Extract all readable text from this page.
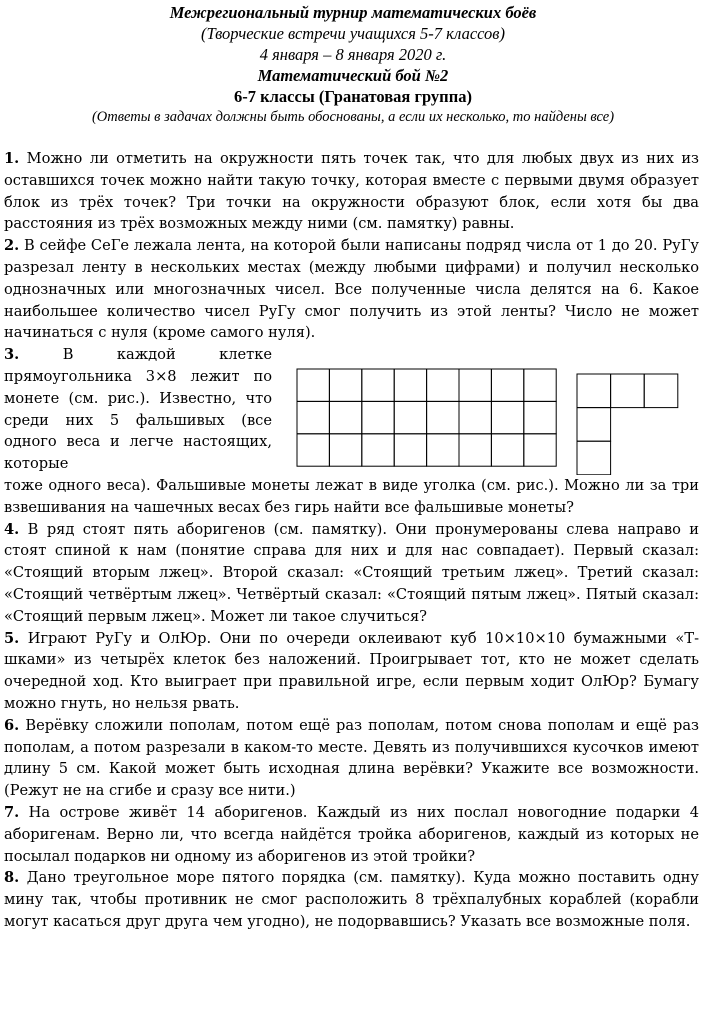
Межрегиональный турнир математических боёв
(Творческие встречи учащихся 5-7 классов)
4 января – 8 января 2020 г.
Математический бой №2
6-7 классы (Гранатовая группа)
(Ответы в задачах должны быть обоснованы, а если их несколько, то найдены все)

1. Можно ли отметить на окружности пять точек так, что для любых двух из них из оставшихся точек можно найти такую точку, которая вместе с первыми двумя образует блок из трёх точек? Три точки на окружности образуют блок, если хотя бы два расстояния из трёх возможных между ними (см. памятку) равны.

2. В сейфе СеГе лежала лента, на которой были написаны подряд числа от 1 до 20. РуГу разрезал ленту в нескольких местах (между любыми цифрами) и получил несколько однозначных или многозначных чисел. Все полученные числа делятся на 6. Какое наибольшее количество чисел РуГу смог получить из этой ленты? Число не может начинаться с нуля (кроме самого нуля).

3.	В каждой клетке прямоугольника 3×8 лежит по монете (см. рис.). Известно, что среди них 5 фальшивых (все одного веса и легче настоящих, которые

тоже одного веса). Фальшивые монеты лежат в виде уголка (см. рис.). Можно ли за три взвешивания на чашечных весах без гирь найти все фальшивые монеты?

4. В ряд стоят пять аборигенов (см. памятку). Они пронумерованы слева направо и стоят спиной к нам (понятие справа для них и для нас совпадает). Первый сказал: «Стоящий вторым лжец». Второй сказал: «Стоящий третьим лжец». Третий сказал: «Стоящий четвёртым лжец». Четвёртый сказал: «Стоящий пятым лжец». Пятый сказал: «Стоящий первым лжец». Может ли такое случиться?

5. Играют РуГу и ОлЮр. Они по очереди оклеивают куб 10×10×10 бумажными «Т-шками» из четырёх клеток без наложений. Проигрывает тот, кто не может сделать очередной ход. Кто выиграет при правильной игре, если первым ходит ОлЮр? Бумагу можно гнуть, но нельзя рвать.

6. Верёвку сложили пополам, потом ещё раз пополам, потом снова пополам и ещё раз пополам, а потом разрезали в каком-то месте. Девять из получившихся кусочков имеют длину 5 см. Какой может быть исходная длина верёвки? Укажите все возможности. (Режут не на сгибе и сразу все нити.)

7. На острове живёт 14 аборигенов. Каждый из них послал новогодние подарки 4 аборигенам. Верно ли, что всегда найдётся тройка аборигенов, каждый из которых не посылал подарков ни одному из аборигенов из этой тройки?

8. Дано треугольное море пятого порядка (см. памятку). Куда можно поставить одну мину так, чтобы противник не смог расположить 8 трёхпалубных кораблей (корабли могут касаться друг друга чем угодно), не подорвавшись? Указать все возможные поля.
